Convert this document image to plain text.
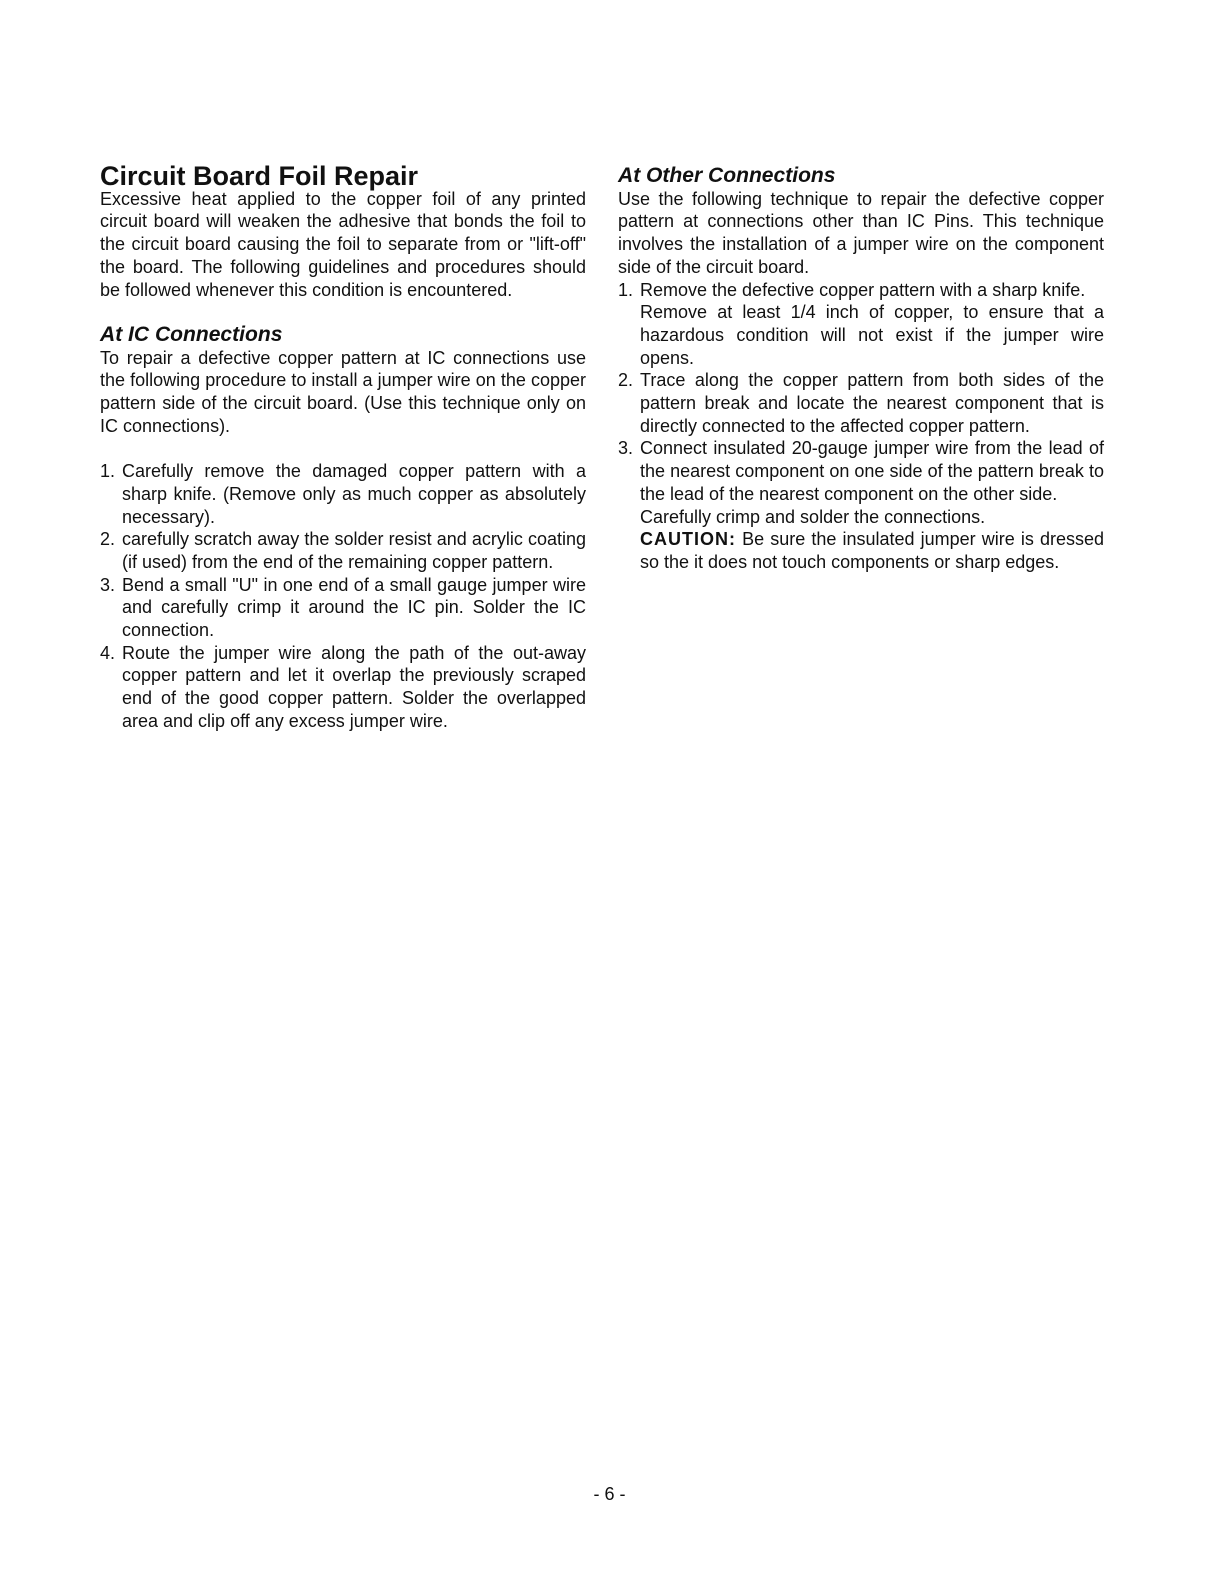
Circuit Board Foil Repair

Excessive heat applied to the copper foil of any printed circuit board will weaken the adhesive that bonds the foil to the circuit board causing the foil to separate from or "lift-off" the board. The following guidelines and procedures should be followed whenever this condition is encountered.

At IC Connections

To repair a defective copper pattern at IC connections use the following procedure to install a jumper wire on the copper pattern side of the circuit board. (Use this technique only on IC connections).

1. Carefully remove the damaged copper pattern with a sharp knife. (Remove only as much copper as absolutely necessary).
2. carefully scratch away the solder resist and acrylic coating (if used) from the end of the remaining copper pattern.
3. Bend a small "U" in one end of a small gauge jumper wire and carefully crimp it around the IC pin. Solder the IC connection.
4. Route the jumper wire along the path of the out-away copper pattern and let it overlap the previously scraped end of the good copper pattern. Solder the overlapped area and clip off any excess jumper wire.
At Other Connections

Use the following technique to repair the defective copper pattern at connections other than IC Pins. This technique involves the installation of a jumper wire on the component side of the circuit board.

1. Remove the defective copper pattern with a sharp knife.
Remove at least 1/4 inch of copper, to ensure that a hazardous condition will not exist if the jumper wire opens.
2. Trace along the copper pattern from both sides of the pattern break and locate the nearest component that is directly connected to the affected copper pattern.
3. Connect insulated 20-gauge jumper wire from the lead of the nearest component on one side of the pattern break to the lead of the nearest component on the other side.
Carefully crimp and solder the connections.
CAUTION: Be sure the insulated jumper wire is dressed so the it does not touch components or sharp edges.
- 6 -
